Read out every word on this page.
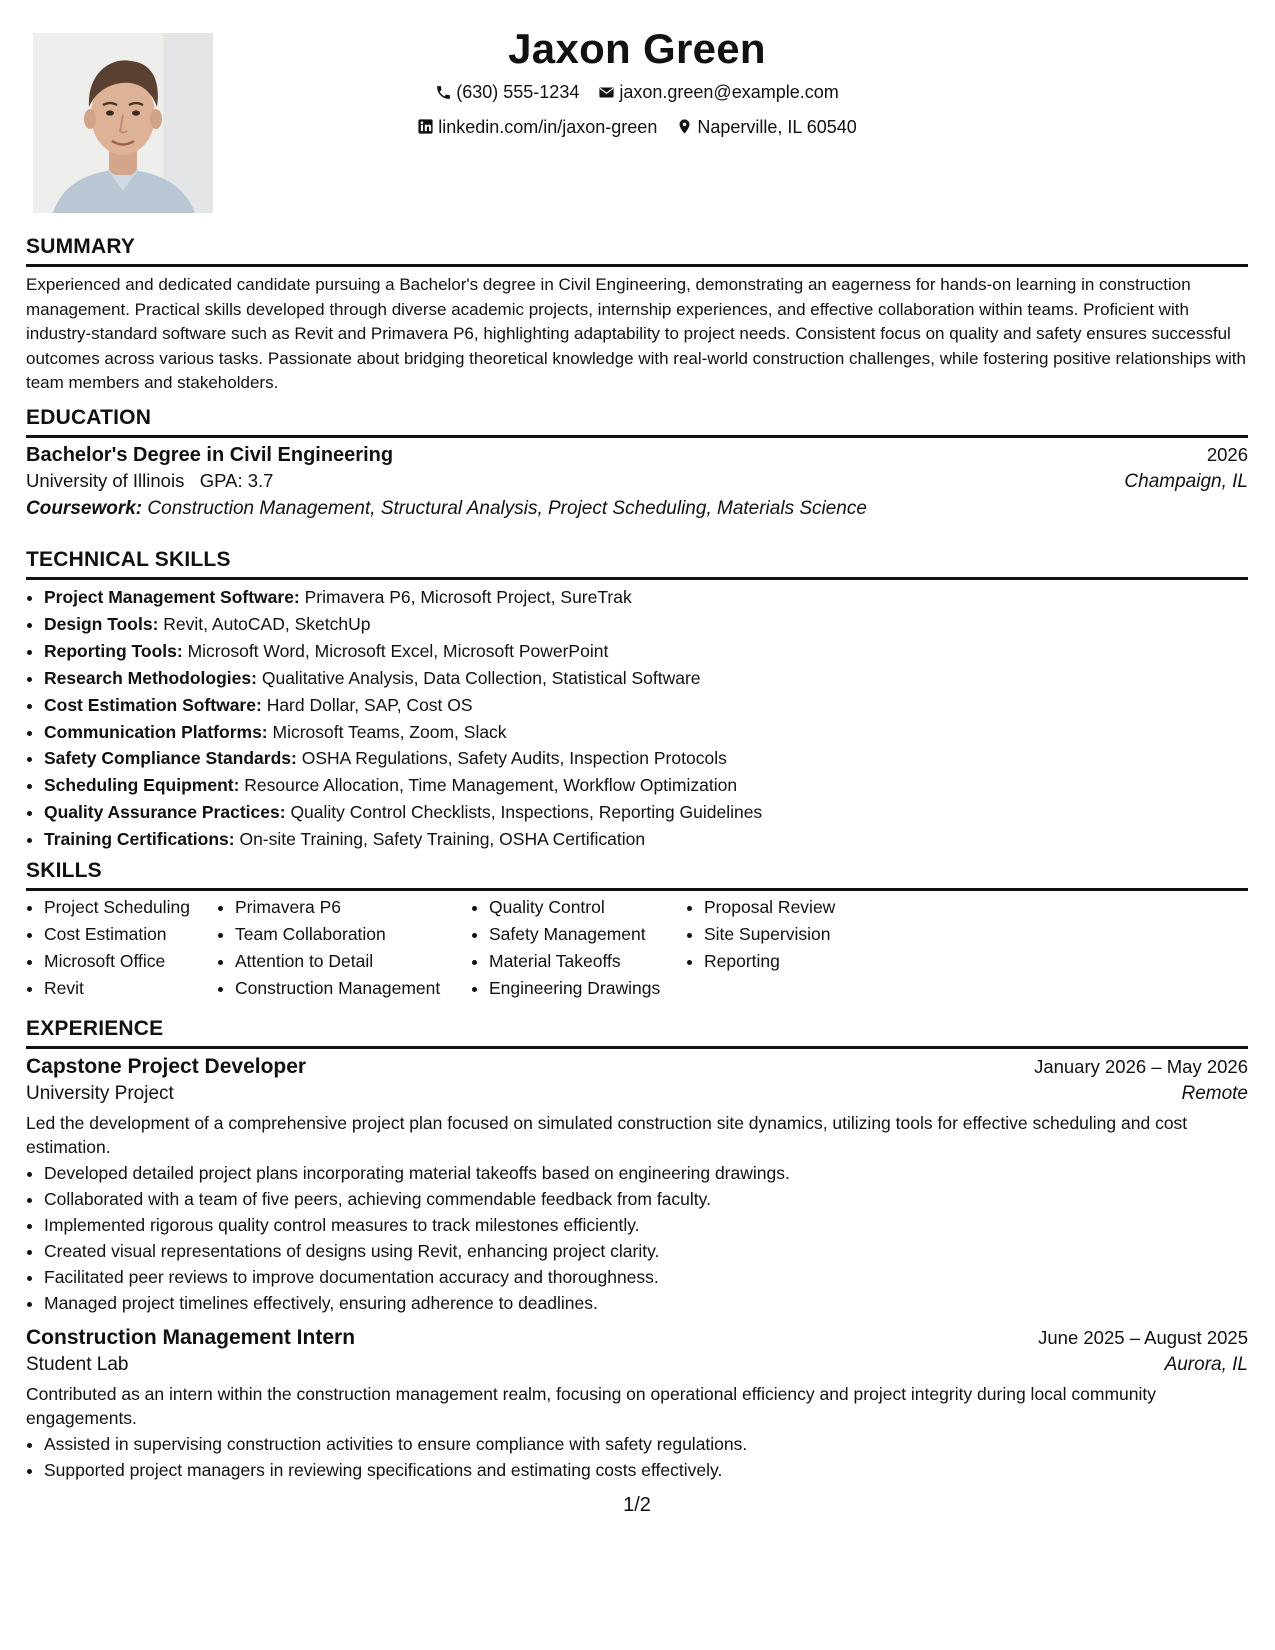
Jaxon Green
(630) 555-1234
jaxon.green@example.com
linkedin.com/in/jaxon-green
Naperville, IL 60540
SUMMARY
Experienced and dedicated candidate pursuing a Bachelor's degree in Civil Engineering, demonstrating an eagerness for hands-on learning in construction management. Practical skills developed through diverse academic projects, internship experiences, and effective collaboration within teams. Proficient with industry-standard software such as Revit and Primavera P6, highlighting adaptability to project needs. Consistent focus on quality and safety ensures successful outcomes across various tasks. Passionate about bridging theoretical knowledge with real-world construction challenges, while fostering positive relationships with team members and stakeholders.
EDUCATION
Bachelor's Degree in Civil Engineering	2026
University of Illinois GPA: 3.7	Champaign, IL
Coursework: Construction Management, Structural Analysis, Project Scheduling, Materials Science
TECHNICAL SKILLS
• Project Management Software: Primavera P6, Microsoft Project, SureTrak
• Design Tools: Revit, AutoCAD, SketchUp
• Reporting Tools: Microsoft Word, Microsoft Excel, Microsoft PowerPoint
• Research Methodologies: Qualitative Analysis, Data Collection, Statistical Software
• Cost Estimation Software: Hard Dollar, SAP, Cost OS
• Communication Platforms: Microsoft Teams, Zoom, Slack
• Safety Compliance Standards: OSHA Regulations, Safety Audits, Inspection Protocols
• Scheduling Equipment: Resource Allocation, Time Management, Workflow Optimization
• Quality Assurance Practices: Quality Control Checklists, Inspections, Reporting Guidelines
• Training Certifications: On-site Training, Safety Training, OSHA Certification
SKILLS
• Project Scheduling
• Cost Estimation
• Microsoft Office
• Revit
• Primavera P6
• Team Collaboration
• Attention to Detail
• Construction Management
• Quality Control
• Safety Management
• Material Takeoffs
• Engineering Drawings
• Proposal Review
• Site Supervision
• Reporting
EXPERIENCE
Capstone Project Developer	January 2026 – May 2026
University Project	Remote
Led the development of a comprehensive project plan focused on simulated construction site dynamics, utilizing tools for effective scheduling and cost estimation.
• Developed detailed project plans incorporating material takeoffs based on engineering drawings.
• Collaborated with a team of five peers, achieving commendable feedback from faculty.
• Implemented rigorous quality control measures to track milestones efficiently.
• Created visual representations of designs using Revit, enhancing project clarity.
• Facilitated peer reviews to improve documentation accuracy and thoroughness.
• Managed project timelines effectively, ensuring adherence to deadlines.
Construction Management Intern	June 2025 – August 2025
Student Lab	Aurora, IL
Contributed as an intern within the construction management realm, focusing on operational efficiency and project integrity during local community engagements.
• Assisted in supervising construction activities to ensure compliance with safety regulations.
• Supported project managers in reviewing specifications and estimating costs effectively.
1/2
